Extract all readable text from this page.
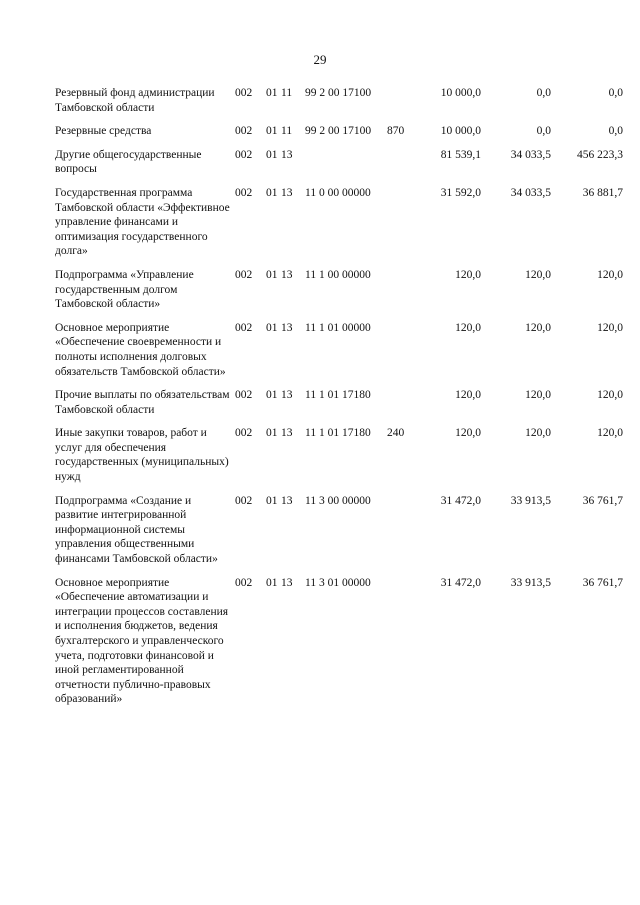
29
Резервный фонд администрации Тамбовской области	002	01	11	99 2 00 17100		10 000,0	0,0	0,0

Резервные средства	002	01	11	99 2 00 17100	870	10 000,0	0,0	0,0

Другие общегосударственные вопросы	002	01	13			81 539,1	34 033,5	456 223,3

Государственная программа Тамбовской области «Эффективное управление финансами и оптимизация государственного долга»	002	01	13	11 0 00 00000		31 592,0	34 033,5	36 881,7

Подпрограмма «Управление государственным долгом Тамбовской области»	002	01	13	11 1 00 00000		120,0	120,0	120,0

Основное мероприятие «Обеспечение своевременности и полноты исполнения долговых обязательств Тамбовской области»	002	01	13	11 1 01 00000		120,0	120,0	120,0

Прочие выплаты по обязательствам Тамбовской области	002	01	13	11 1 01 17180		120,0	120,0	120,0

Иные закупки товаров, работ и услуг для обеспечения государственных (муниципальных) нужд	002	01	13	11 1 01 17180	240	120,0	120,0	120,0

Подпрограмма «Создание и развитие интегрированной информационной системы управления общественными финансами Тамбовской области»	002	01	13	11 3 00 00000		31 472,0	33 913,5	36 761,7

Основное мероприятие «Обеспечение автоматизации и интеграции процессов составления и исполнения бюджетов, ведения бухгалтерского и управленческого учета, подготовки финансовой и иной регламентированной отчетности публично-правовых образований»	002	01	13	11 3 01 00000		31 472,0	33 913,5	36 761,7
